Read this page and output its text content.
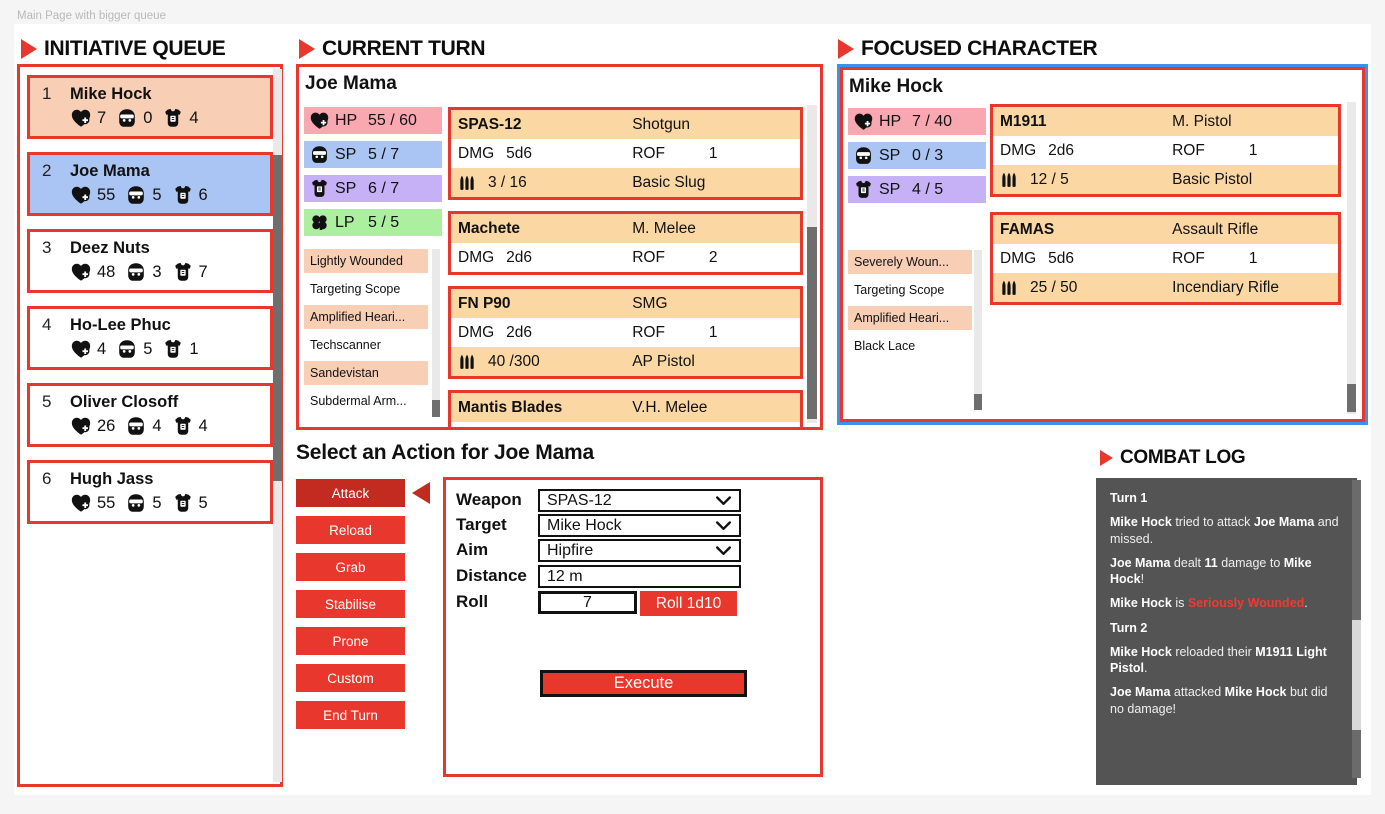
Main Page with bigger queue
INITIATIVE QUEUE
1 Mike Hock
7 0 4
2 Joe Mama
55 5 6
3 Deez Nuts
48 3 7
4 Ho-Lee Phuc
4 5 1
5 Oliver Closoff
26 4 4
6 Hugh Jass
55 5 5
CURRENT TURN
Joe Mama
HP 55 / 60
SP 5 / 7
SP 6 / 7
LP 5 / 5
Lightly Wounded
Targeting Scope
Amplified Heari...
Techscanner
Sandevistan
Subdermal Arm...
SPAS-12	Shotgun
DMG 5d6	ROF	1
3 / 16	Basic Slug
Machete	M. Melee
DMG 2d6	ROF	2
FN P90	SMG
DMG 2d6	ROF	1
40 /300	AP Pistol
Mantis Blades	V.H. Melee
FOCUSED CHARACTER
Mike Hock
HP 7 / 40
SP 0 / 3
SP 4 / 5
Severely Woun...
Targeting Scope
Amplified Heari...
Black Lace
M1911	M. Pistol
DMG 2d6	ROF	1
12 / 5	Basic Pistol
FAMAS	Assault Rifle
DMG 5d6	ROF	1
25 / 50	Incendiary Rifle
Select an Action for Joe Mama
Attack
Reload
Grab
Stabilise
Prone
Custom
End Turn
Weapon SPAS-12
Target	Mike Hock
Aim	Hipfire
Distance 12 m
Roll	7	Roll 1d10
Execute
COMBAT LOG
Turn 1
Mike Hock tried to attack Joe Mama and missed.
Joe Mama dealt 11 damage to Mike Hock!
Mike Hock is Seriously Wounded.
Turn 2
Mike Hock reloaded their M1911 Light Pistol.
Joe Mama attacked Mike Hock but did no damage!
